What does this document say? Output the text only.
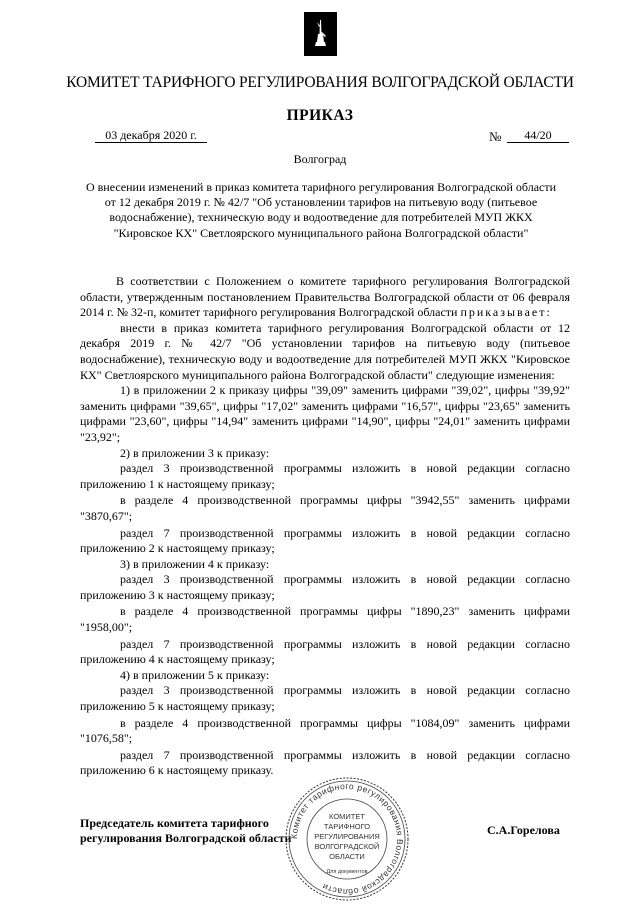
КОМИТЕТ ТАРИФНОГО РЕГУЛИРОВАНИЯ ВОЛГОГРАДСКОЙ ОБЛАСТИ
ПРИКАЗ
03 декабря 2020 г.	№	44/20
Волгоград
О внесении изменений в приказ комитета тарифного регулирования Волгоградской области от 12 декабря 2019 г. № 42/7 "Об установлении тарифов на питьевую воду (питьевое водоснабжение), техническую воду и водоотведение для потребителей МУП ЖКХ "Кировское КХ" Светлоярского муниципального района Волгоградской области"

В соответствии с Положением о комитете тарифного регулирования Волгоградской области, утвержденным постановлением Правительства Волгоградской области от 06 февраля 2014 г. № 32-п, комитет тарифного регулирования Волгоградской области приказывает:

внести в приказ комитета тарифного регулирования Волгоградской области от 12 декабря 2019 г. № 42/7 "Об установлении тарифов на питьевую воду (питьевое водоснабжение), техническую воду и водоотведение для потребителей МУП ЖКХ "Кировское КХ" Светлоярского муниципального района Волгоградской области" следующие изменения:

1) в приложении 2 к приказу цифры "39,09" заменить цифрами "39,02", цифры "39,92" заменить цифрами "39,65", цифры "17,02" заменить цифрами "16,57", цифры "23,65" заменить цифрами "23,60", цифры "14,94" заменить цифрами "14,90", цифры "24,01" заменить цифрами "23,92";

2) в приложении 3 к приказу:

раздел 3 производственной программы изложить в новой редакции согласно приложению 1 к настоящему приказу;

в разделе 4 производственной программы цифры "3942,55" заменить цифрами "3870,67";

раздел 7 производственной программы изложить в новой редакции согласно приложению 2 к настоящему приказу;

3) в приложении 4 к приказу:

раздел 3 производственной программы изложить в новой редакции согласно приложению 3 к настоящему приказу;

в разделе 4 производственной программы цифры "1890,23" заменить цифрами "1958,00";

раздел 7 производственной программы изложить в новой редакции согласно приложению 4 к настоящему приказу;

4) в приложении 5 к приказу:

раздел 3 производственной программы изложить в новой редакции согласно приложению 5 к настоящему приказу;

в разделе 4 производственной программы цифры "1084,09" заменить цифрами "1076,58";

раздел 7 производственной программы изложить в новой редакции согласно приложению 6 к настоящему приказу.

Председатель комитета тарифного
регулирования Волгоградской области
С.А.Горелова
Комитет тарифного регулирования Волгоградской области
КОМИТЕТ
ТАРИФНОГО
РЕГУЛИРОВАНИЯ
ВОЛГОГРАДСКОЙ
ОБЛАСТИ
Для документов
